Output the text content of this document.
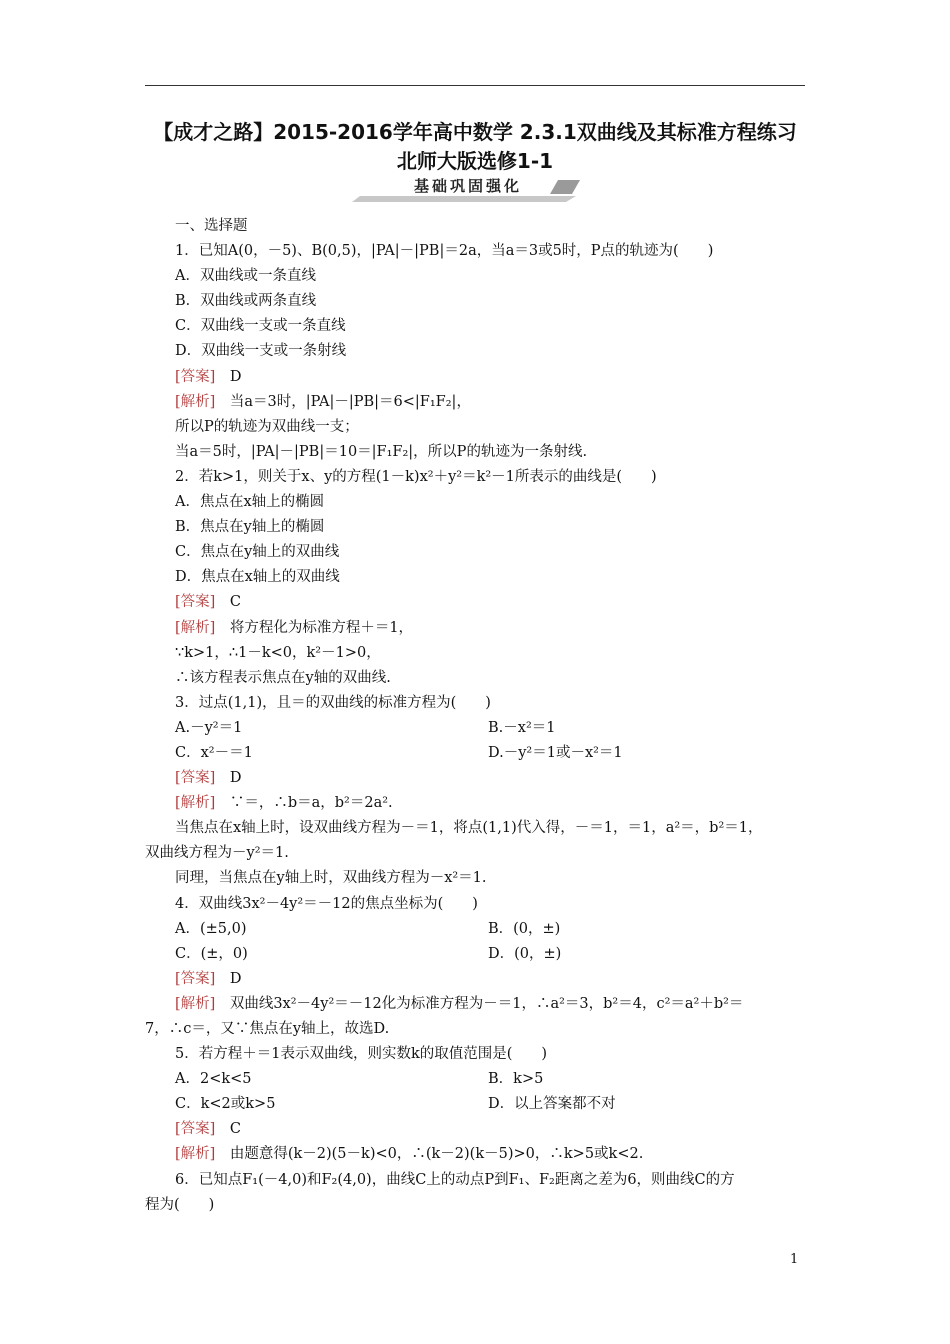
【成才之路】2015-2016学年高中数学 2.3.1双曲线及其标准方程练习 北师大版选修1-1
基础巩固强化
一、选择题
1．已知A(0，－5)、B(0,5)，|PA|－|PB|＝2a，当a＝3或5时，P点的轨迹为(　　)
A．双曲线或一条直线
B．双曲线或两条直线
C．双曲线一支或一条直线
D．双曲线一支或一条射线
[答案]　 D
[解析]　 当a＝3时，|PA|－|PB|＝6<|F₁F₂|，
所以P的轨迹为双曲线一支；
当a＝5时，|PA|－|PB|＝10＝|F₁F₂|，所以P的轨迹为一条射线.
2．若k>1，则关于x、y的方程(1－k)x²＋y²＝k²－1所表示的曲线是(　　)
A．焦点在x轴上的椭圆
B．焦点在y轴上的椭圆
C．焦点在y轴上的双曲线
D．焦点在x轴上的双曲线
[答案]　 C
[解析]　 将方程化为标准方程＋＝1，
∵k>1，∴1－k<0，k²－1>0，
∴该方程表示焦点在y轴的双曲线.
3．过点(1,1)，且＝的双曲线的标准方程为(　　)
A.－y²＝1	B.－x²＝1
C．x²－＝1	D.－y²＝1或－x²＝1
[答案]　 D
[解析]　 ∵＝，∴b＝a，b²＝2a².
当焦点在x轴上时，设双曲线方程为－＝1，将点(1,1)代入得，－＝1，＝1，a²＝，b²＝1，
双曲线方程为－y²＝1.
同理，当焦点在y轴上时，双曲线方程为－x²＝1.
4．双曲线3x²－4y²＝－12的焦点坐标为(　　)
A．(±5,0)	B．(0，±)
C．(±，0)	D．(0，±)
[答案]　 D
[解析]　 双曲线3x²－4y²＝－12化为标准方程为－＝1，∴a²＝3，b²＝4，c²＝a²＋b²＝
7，∴c＝，又∵焦点在y轴上，故选D.
5．若方程＋＝1表示双曲线，则实数k的取值范围是(　　)
A．2<k<5	B．k>5
C．k<2或k>5	D．以上答案都不对
[答案]　 C
[解析]　 由题意得(k－2)(5－k)<0，∴(k－2)(k－5)>0，∴k>5或k<2.
6．已知点F₁(－4,0)和F₂(4,0)，曲线C上的动点P到F₁、F₂距离之差为6，则曲线C的方
程为(　　)
1
